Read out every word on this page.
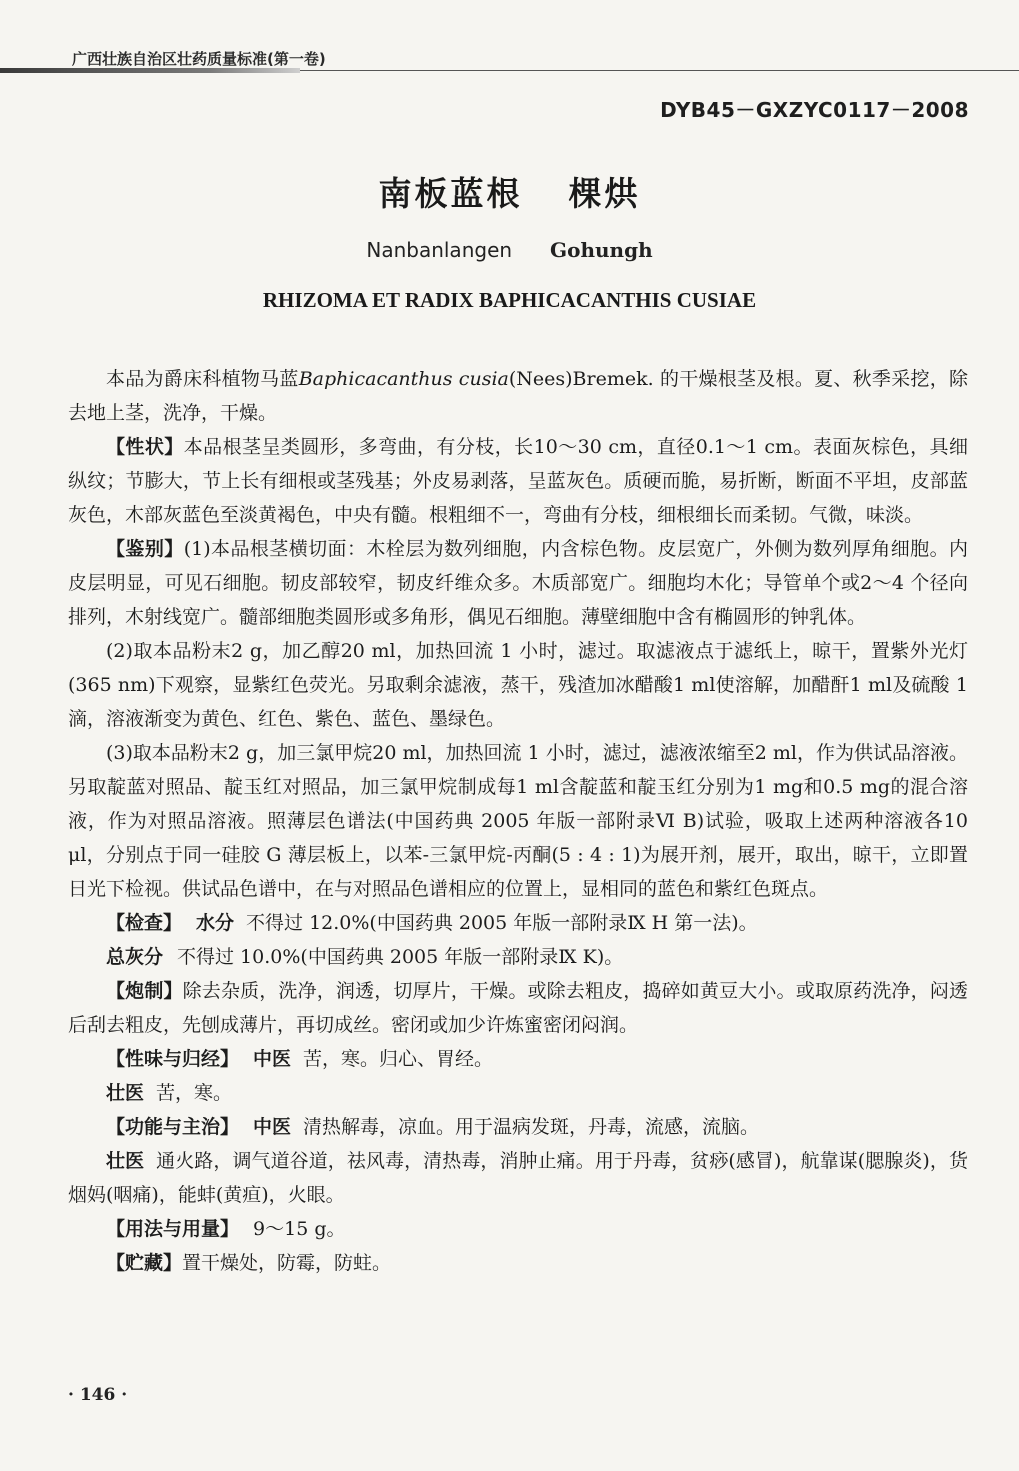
广西壮族自治区壮药质量标准(第一卷)
DYB45－GXZYC0117－2008
南板蓝根 棵烘
Nanbanlangen Gohungh
RHIZOMA ET RADIX BAPHICACANTHIS CUSIAE

本品为爵床科植物马蓝Baphicacanthus cusia(Nees)Bremek. 的干燥根茎及根。夏、秋季采挖，除去地上茎，洗净，干燥。

【性状】本品根茎呈类圆形，多弯曲，有分枝，长10～30 cm，直径0.1～1 cm。表面灰棕色，具细纵纹；节膨大，节上长有细根或茎残基；外皮易剥落，呈蓝灰色。质硬而脆，易折断，断面不平坦，皮部蓝灰色，木部灰蓝色至淡黄褐色，中央有髓。根粗细不一，弯曲有分枝，细根细长而柔韧。气微，味淡。

【鉴别】(1)本品根茎横切面：木栓层为数列细胞，内含棕色物。皮层宽广，外侧为数列厚角细胞。内皮层明显，可见石细胞。韧皮部较窄，韧皮纤维众多。木质部宽广。细胞均木化；导管单个或2～4 个径向排列，木射线宽广。髓部细胞类圆形或多角形，偶见石细胞。薄壁细胞中含有椭圆形的钟乳体。

(2)取本品粉末2 g，加乙醇20 ml，加热回流 1 小时，滤过。取滤液点于滤纸上，晾干，置紫外光灯(365 nm)下观察，显紫红色荧光。另取剩余滤液，蒸干，残渣加冰醋酸1 ml使溶解，加醋酐1 ml及硫酸 1 滴，溶液渐变为黄色、红色、紫色、蓝色、墨绿色。

(3)取本品粉末2 g，加三氯甲烷20 ml，加热回流 1 小时，滤过，滤液浓缩至2 ml，作为供试品溶液。另取靛蓝对照品、靛玉红对照品，加三氯甲烷制成每1 ml含靛蓝和靛玉红分别为1 mg和0.5 mg的混合溶液，作为对照品溶液。照薄层色谱法(中国药典 2005 年版一部附录Ⅵ B)试验，吸取上述两种溶液各10 μl，分别点于同一硅胶 G 薄层板上，以苯-三氯甲烷-丙酮(5 : 4 : 1)为展开剂，展开，取出，晾干，立即置日光下检视。供试品色谱中，在与对照品色谱相应的位置上，显相同的蓝色和紫红色斑点。

【检查】 水分 不得过 12.0%(中国药典 2005 年版一部附录Ⅸ H 第一法)。

总灰分 不得过 10.0%(中国药典 2005 年版一部附录Ⅸ K)。

【炮制】除去杂质，洗净，润透，切厚片，干燥。或除去粗皮，捣碎如黄豆大小。或取原药洗净，闷透后刮去粗皮，先刨成薄片，再切成丝。密闭或加少许炼蜜密闭闷润。

【性味与归经】 中医 苦，寒。归心、胃经。

壮医 苦，寒。

【功能与主治】 中医 清热解毒，凉血。用于温病发斑，丹毒，流感，流脑。

壮医 通火路，调气道谷道，祛风毒，清热毒，消肿止痛。用于丹毒，贫痧(感冒)，航靠谋(腮腺炎)，货烟妈(咽痛)，能蚌(黄疸)，火眼。

【用法与用量】 9～15 g。

【贮藏】置干燥处，防霉，防蛀。

· 146 ·
